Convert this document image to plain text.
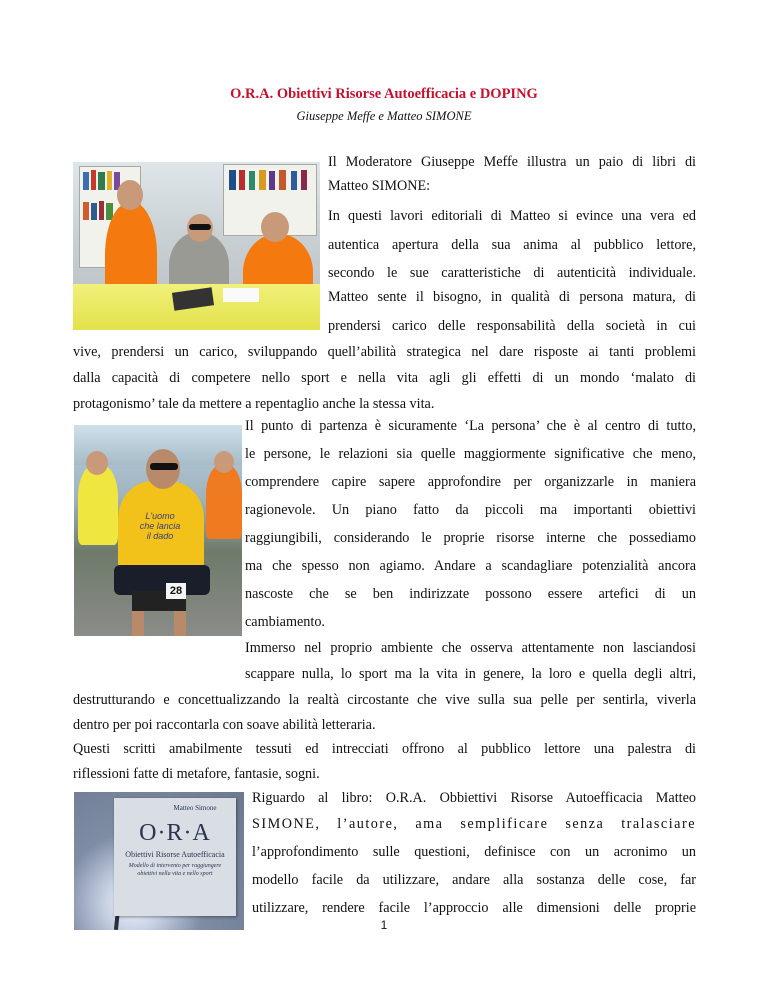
O.R.A. Obiettivi Risorse Autoefficacia e DOPING
Giuseppe Meffe e Matteo SIMONE
Il Moderatore Giuseppe Meffe illustra un paio di libri di
Matteo SIMONE:
In questi lavori editoriali di Matteo si evince una vera ed
autentica apertura della sua anima al pubblico lettore,
secondo le sue caratteristiche di autenticità individuale.
Matteo sente il bisogno, in qualità di persona matura, di
prendersi carico delle responsabilità della società in cui
vive, prendersi un carico, sviluppando quell’abilità strategica nel dare risposte ai tanti problemi
dalla capacità di competere nello sport e nella vita agli gli effetti di un mondo ‘malato di
protagonismo’ tale da mettere a repentaglio anche la stessa vita.
L'uomo
che lancia
il dado
28
Il punto di partenza è sicuramente ‘La persona’ che è al centro di tutto,
le persone, le relazioni sia quelle maggiormente significative che meno,
comprendere capire sapere approfondire per organizzarle in maniera
ragionevole. Un piano fatto da piccoli ma importanti obiettivi
raggiungibili, considerando le proprie risorse interne che possediamo
ma che spesso non agiamo. Andare a scandagliare potenzialità ancora
nascoste che se ben indirizzate possono essere artefici di un
cambiamento.
Immerso nel proprio ambiente che osserva attentamente non lasciandosi
scappare nulla, lo sport ma la vita in genere, la loro e quella degli altri,
destrutturando e concettualizzando la realtà circostante che vive sulla sua pelle per sentirla, viverla
dentro per poi raccontarla con soave abilità letteraria.
Questi scritti amabilmente tessuti ed intrecciati offrono al pubblico lettore una palestra di
riflessioni fatte di metafore, fantasie, sogni.
Matteo Simone
O·R·A
Obiettivi Risorse Autoefficacia
Modello di intervento per raggiungere obiettivi nella vita e nello sport
Riguardo al libro: O.R.A. Obbiettivi Risorse Autoefficacia Matteo
SIMONE, l’autore, ama semplificare senza tralasciare
l’approfondimento sulle questioni, definisce con un acronimo un
modello facile da utilizzare, andare alla sostanza delle cose, far
utilizzare, rendere facile l’approccio alle dimensioni delle proprie
1
